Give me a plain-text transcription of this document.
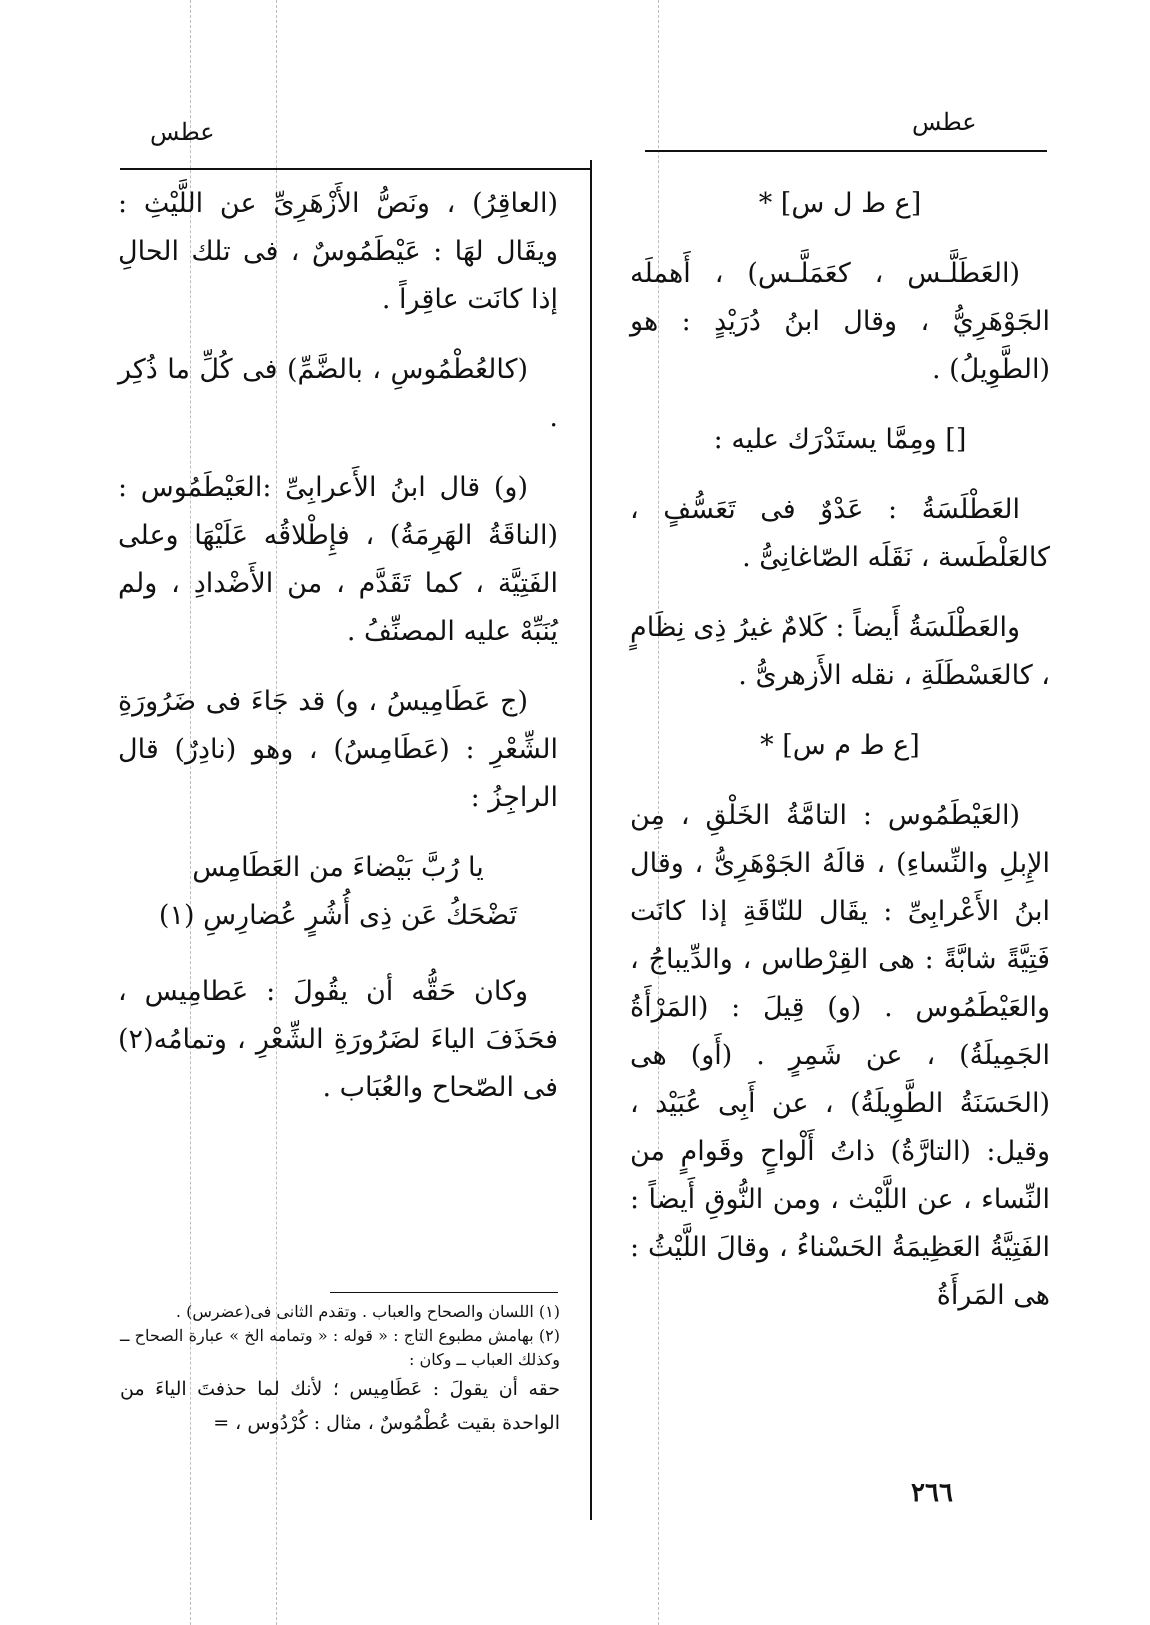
عطس
عطس

[ع ط ل س] *

(العَطَلَّـس ، كعَمَلَّـس) ، أَهملَه الجَوْهَرِيُّ ، وقال ابنُ دُرَيْدٍ : هو (الطَّوِيلُ) .

[] ومِمَّا يستَدْرَك عليه :

العَطْلَسَةُ : عَدْوٌ فى تَعَسُّفٍ ، كالعَلْطَسة ، نَقَلَه الصّاغانِىُّ .

والعَطْلَسَةُ أَيضاً : كَلامٌ غيرُ ذِى نِظَامٍ ، كالعَسْطَلَةِ ، نقله الأَزهرىُّ .

[ع ط م س] *

(العَيْطَمُوس : التامَّةُ الخَلْقِ ، مِن الإِبلِ والنِّساءِ) ، قالَهُ الجَوْهَرِىُّ ، وقال ابنُ الأَعْرابِىِّ : يقَال للنّاقَةِ إذا كانَت فَتِيَّةً شابَّةً : هى القِرْطاس ، والدِّيباجُ ، والعَيْطَمُوس . (و) قِيلَ : (المَرْأَةُ الجَمِيلَةُ) ، عن شَمِرٍ . (أَو) هى (الحَسَنَةُ الطَّوِيلَةُ) ، عن أَبِى عُبَيْد ، وقيل: (التارَّةُ) ذاتُ أَلْواحٍ وقَوامٍ من النِّساء ، عن اللَّيْث ، ومن النُّوقِ أَيضاً : الفَتِيَّةُ العَظِيمَةُ الحَسْناءُ ، وقالَ اللَّيْثُ : هى المَرأَةُ

(العاقِرُ) ، ونَصُّ الأَزْهَرِىِّ عن اللَّيْثِ : ويقَال لهَا : عَيْطَمُوسٌ ، فى تلك الحالِ إذا كانَت عاقِراً .

(كالعُطْمُوسِ ، بالضَّمِّ) فى كُلِّ ما ذُكِر .

(و) قال ابنُ الأَعرابِىِّ :العَيْطَمُوس : (الناقَةُ الهَرِمَةُ) ، فإِطْلاقُه عَلَيْهَا وعلى الفَتِيَّة ، كما تَقَدَّم ، من الأَضْدادِ ، ولم يُنَبِّهْ عليه المصنِّفُ .

(ج عَطَامِيسُ ، و) قد جَاءَ فى ضَرُورَةِ الشِّعْرِ : (عَطَامِسُ) ، وهو (نادِرٌ) قال الراجِزُ :

يا رُبَّ بَيْضاءَ من العَطَامِس
تَضْحَكُ عَن ذِى أُشُرٍ عُضارِسِ (١)

وكان حَقُّه أن يقُولَ : عَطامِيس ، فحَذَفَ الياءَ لضَرُورَةِ الشِّعْرِ ، وتمامُه(٢) فى الصّحاح والعُبَاب .

(١) اللسان والصحاح والعباب . وتقدم الثانى فى(عضرس) .

(٢) بهامش مطبوع التاج : « قوله : « وتمامه الخ » عبارة الصحاح ــ وكذلك العباب ــ وكان :

حقه أن يقولَ : عَطَامِيس ؛ لأنك لما حذفتَ الياءَ من الواحدة بقيت عُطْمُوسٌ ، مثال : كُرْدُوس ، =

٢٦٦
